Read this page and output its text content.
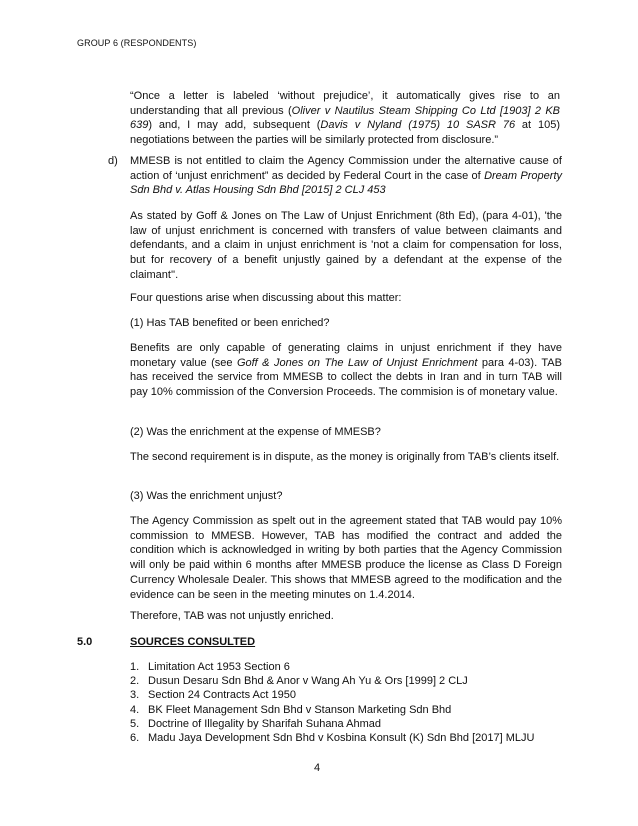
GROUP 6 (RESPONDENTS)
“Once a letter is labeled ‘without prejudice’, it automatically gives rise to an understanding that all previous (Oliver v Nautilus Steam Shipping Co Ltd [1903] 2 KB 639) and, I may add, subsequent (Davis v Nyland (1975) 10 SASR 76 at 105) negotiations between the parties will be similarly protected from disclosure.”
d) MMESB is not entitled to claim the Agency Commission under the alternative cause of action of ‘unjust enrichment” as decided by Federal Court in the case of Dream Property Sdn Bhd v. Atlas Housing Sdn Bhd [2015] 2 CLJ 453
As stated by Goff & Jones on The Law of Unjust Enrichment (8th Ed), (para 4-01), 'the law of unjust enrichment is concerned with transfers of value between claimants and defendants, and a claim in unjust enrichment is 'not a claim for compensation for loss, but for recovery of a benefit unjustly gained by a defendant at the expense of the claimant''.
Four questions arise when discussing about this matter:
(1) Has TAB benefited or been enriched?
Benefits are only capable of generating claims in unjust enrichment if they have monetary value (see Goff & Jones on The Law of Unjust Enrichment para 4-03). TAB has received the service from MMESB to collect the debts in Iran and in turn TAB will pay 10% commission of the Conversion Proceeds. The commision is of monetary value.
(2) Was the enrichment at the expense of MMESB?
The second requirement is in dispute, as the money is originally from TAB’s clients itself.
(3) Was the enrichment unjust?
The Agency Commission as spelt out in the agreement stated that TAB would pay 10% commission to MMESB. However, TAB has modified the contract and added the condition which is acknowledged in writing by both parties that the Agency Commission will only be paid within 6 months after MMESB produce the license as Class D Foreign Currency Wholesale Dealer. This shows that MMESB agreed to the modification and the evidence can be seen in the meeting minutes on 1.4.2014.
Therefore, TAB was not unjustly enriched.
5.0	SOURCES CONSULTED
1. Limitation Act 1953 Section 6
2. Dusun Desaru Sdn Bhd & Anor v Wang Ah Yu & Ors [1999] 2 CLJ
3. Section 24 Contracts Act 1950
4. BK Fleet Management Sdn Bhd v Stanson Marketing Sdn Bhd
5. Doctrine of Illegality by Sharifah Suhana Ahmad
6. Madu Jaya Development Sdn Bhd v Kosbina Konsult (K) Sdn Bhd [2017] MLJU
4
